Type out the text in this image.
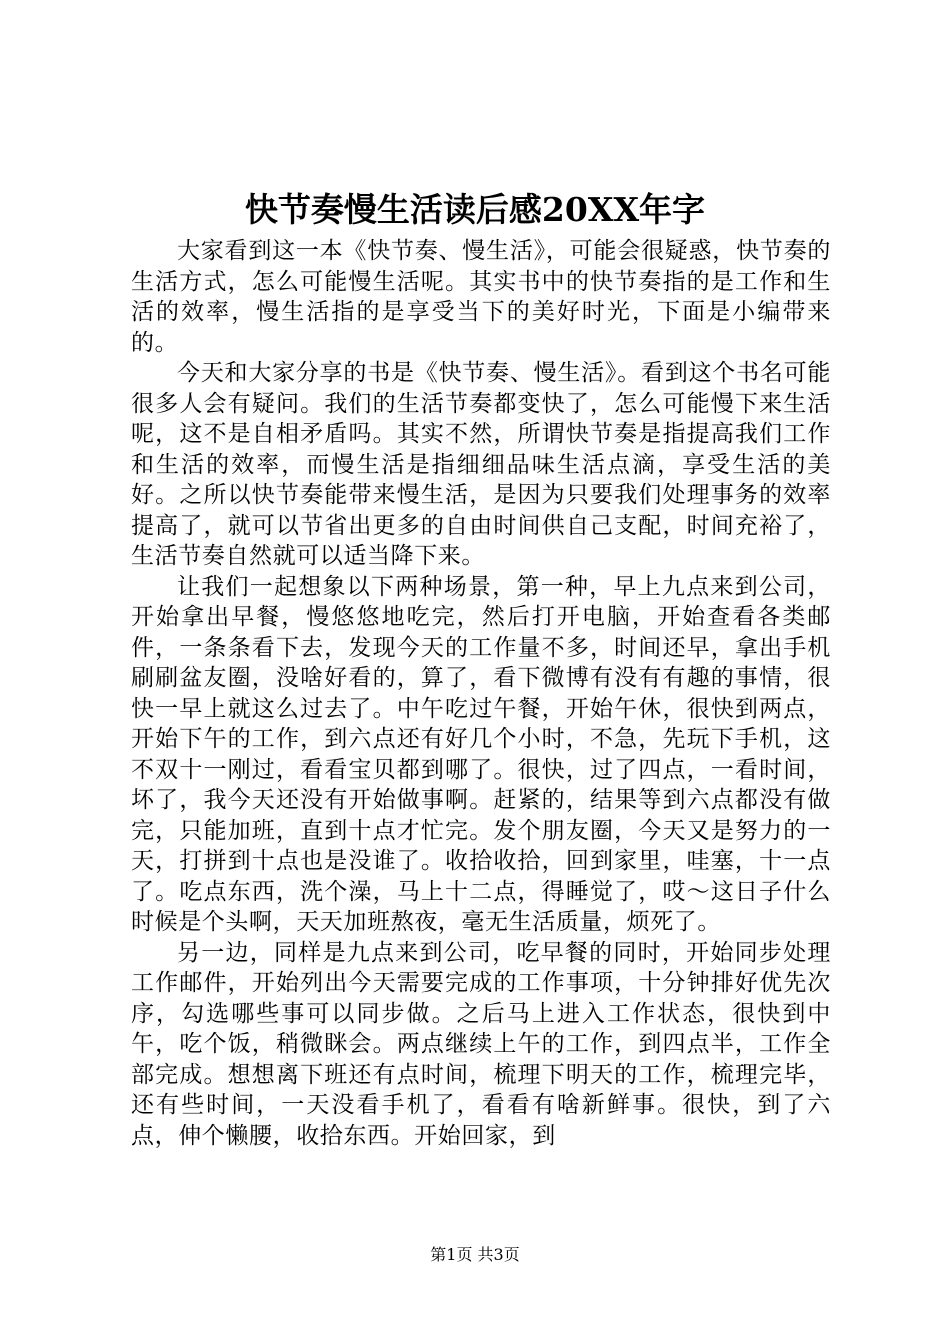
快节奏慢生活读后感20XX年字

大家看到这一本《快节奏、慢生活》，可能会很疑惑，快节奏的生活方式，怎么可能慢生活呢。其实书中的快节奏指的是工作和生活的效率，慢生活指的是享受当下的美好时光，下面是小编带来的。

今天和大家分享的书是《快节奏、慢生活》。看到这个书名可能很多人会有疑问。我们的生活节奏都变快了，怎么可能慢下来生活呢，这不是自相矛盾吗。其实不然，所谓快节奏是指提高我们工作和生活的效率，而慢生活是指细细品味生活点滴，享受生活的美好。之所以快节奏能带来慢生活，是因为只要我们处理事务的效率提高了，就可以节省出更多的自由时间供自己支配，时间充裕了，生活节奏自然就可以适当降下来。

让我们一起想象以下两种场景，第一种，早上九点来到公司，开始拿出早餐，慢悠悠地吃完，然后打开电脑，开始查看各类邮件，一条条看下去，发现今天的工作量不多，时间还早，拿出手机刷刷盆友圈，没啥好看的，算了，看下微博有没有有趣的事情，很快一早上就这么过去了。中午吃过午餐，开始午休，很快到两点，开始下午的工作，到六点还有好几个小时，不急，先玩下手机，这不双十一刚过，看看宝贝都到哪了。很快，过了四点，一看时间，坏了，我今天还没有开始做事啊。赶紧的，结果等到六点都没有做完，只能加班，直到十点才忙完。发个朋友圈，今天又是努力的一天，打拼到十点也是没谁了。收拾收拾，回到家里，哇塞，十一点了。吃点东西，洗个澡，马上十二点，得睡觉了，哎～这日子什么时候是个头啊，天天加班熬夜，毫无生活质量，烦死了。

另一边，同样是九点来到公司，吃早餐的同时，开始同步处理工作邮件，开始列出今天需要完成的工作事项，十分钟排好优先次序，勾选哪些事可以同步做。之后马上进入工作状态，很快到中午，吃个饭，稍微眯会。两点继续上午的工作，到四点半，工作全部完成。想想离下班还有点时间，梳理下明天的工作，梳理完毕，还有些时间，一天没看手机了，看看有啥新鲜事。很快，到了六点，伸个懒腰，收拾东西。开始回家，到

第1页 共3页
